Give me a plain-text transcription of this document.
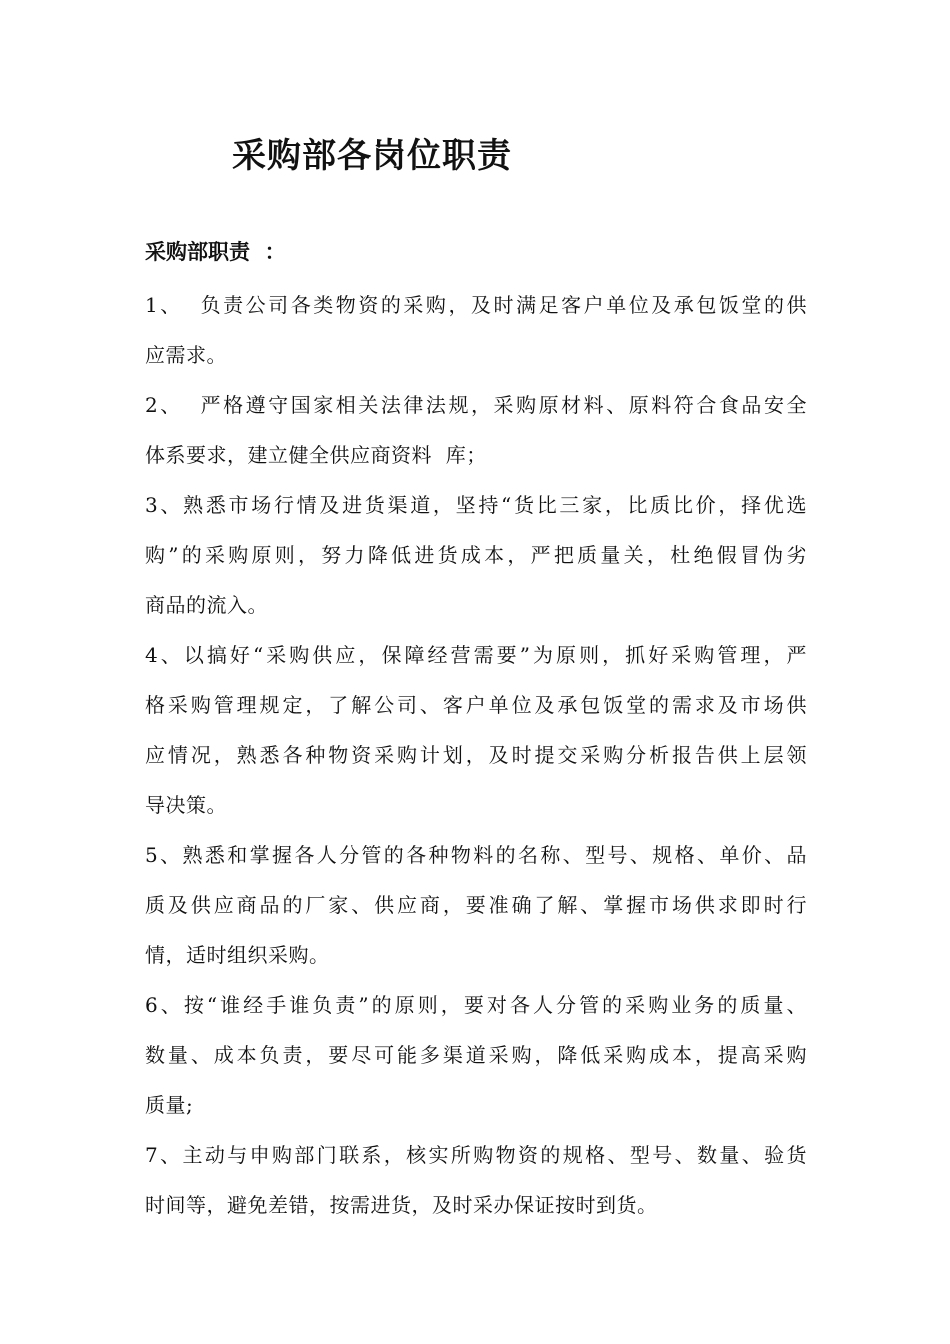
采购部各岗位职责
采购部职责  ：
1、  负责公司各类物资的采购，及时满足客户单位及承包饭堂的供
应需求。
2、  严格遵守国家相关法律法规，采购原材料、原料符合食品安全
体系要求，建立健全供应商资料  库；
3、熟悉市场行情及进货渠道，坚持“货比三家，比质比价，择优选
购”的采购原则，努力降低进货成本，严把质量关，杜绝假冒伪劣
商品的流入。
4、以搞好“采购供应，保障经营需要”为原则，抓好采购管理，严
格采购管理规定，了解公司、客户单位及承包饭堂的需求及市场供
应情况，熟悉各种物资采购计划，及时提交采购分析报告供上层领
导决策。
5、熟悉和掌握各人分管的各种物料的名称、型号、规格、单价、品
质及供应商品的厂家、供应商，要准确了解、掌握市场供求即时行
情，适时组织采购。
6、按“谁经手谁负责”的原则，要对各人分管的采购业务的质量、
数量、成本负责，要尽可能多渠道采购，降低采购成本，提高采购
质量;
7、主动与申购部门联系，核实所购物资的规格、型号、数量、验货
时间等，避免差错，按需进货，及时采办保证按时到货。
